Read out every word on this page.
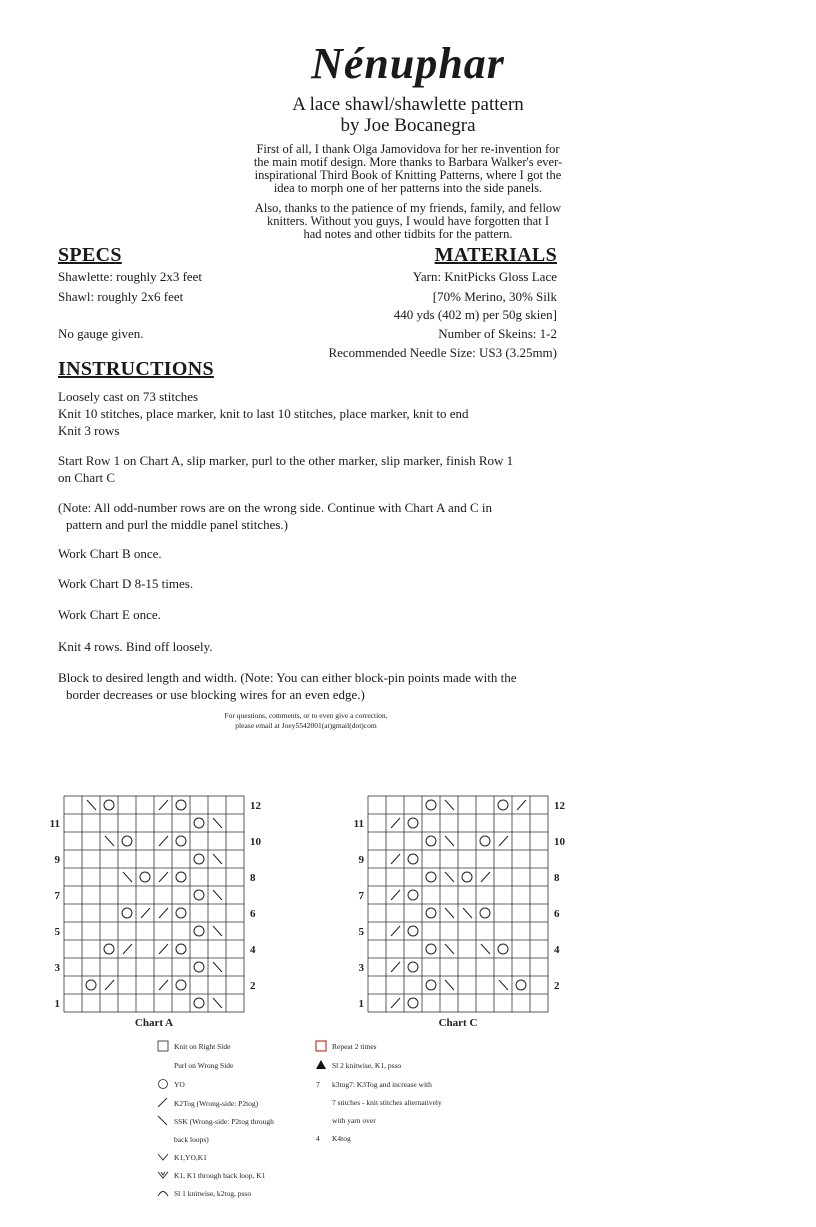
Nénuphar
A lace shawl/shawlette pattern
by Joe Bocanegra
First of all, I thank Olga Jamovidova for her re-invention for
the main motif design. More thanks to Barbara Walker's ever-
inspirational Third Book of Knitting Patterns, where I got the
idea to morph one of her patterns into the side panels.
Also, thanks to the patience of my friends, family, and fellow
knitters. Without you guys, I would have forgotten that I
had notes and other tidbits for the pattern.
SPECS
Shawlette: roughly 2x3 feet
Shawl: roughly 2x6 feet
No gauge given.
MATERIALS
Yarn: KnitPicks Gloss Lace
[70% Merino, 30% Silk
440 yds (402 m) per 50g skien]
Number of Skeins: 1-2
Recommended Needle Size: US3 (3.25mm)
INSTRUCTIONS
Loosely cast on 73 stitches
Knit 10 stitches, place marker, knit to last 10 stitches, place marker, knit to end
Knit 3 rows
Start Row 1 on Chart A, slip marker, purl to the other marker, slip marker, finish Row 1
on Chart C
(Note: All odd-number rows are on the wrong side. Continue with Chart A and C in
pattern and purl the middle panel stitches.)
Work Chart B once.
Work Chart D 8-15 times.
Work Chart E once.
Knit 4 rows. Bind off loosely.
Block to desired length and width. (Note: You can either block-pin points made with the
border decreases or use blocking wires for an even edge.)
For questions, comments, or to even give a correction,
please email at Joey5542001(at)gmail(dot)com
12
10
8
6
4
2
11
9
7
5
3
1
Chart A
12
10
8
6
4
2
11
9
7
5
3
1
Chart C
Knit on Right Side
Purl on Wrong Side
YO
K2Tog (Wrong-side: P2tog)
SSK (Wrong-side: P2tog through
back loops)
K1,YO,K1
K1, K1 through back loop, K1
Sl 1 knitwise, k2tog, psso
Repeat 2 times
Sl 2 knitwise, K1, psso
7 k3tog7: K3Tog and increase with
7 stitches - knit stitches alternatively
with yarn over
4 K4tog
